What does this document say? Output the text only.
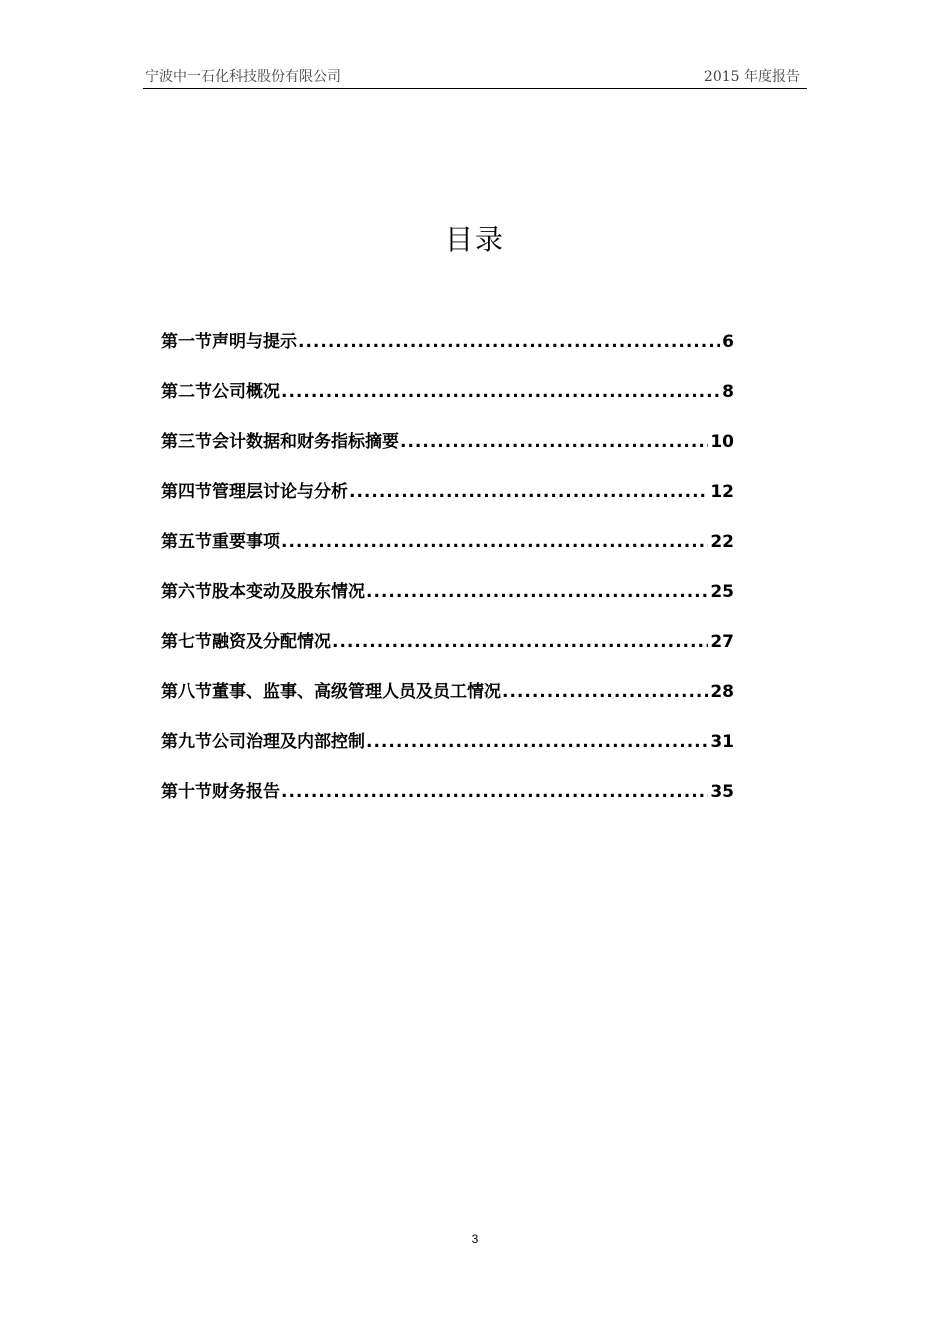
宁波中一石化科技股份有限公司	2015 年度报告
目录
第一节声明与提示 .....	6
第二节公司概况 .....	8
第三节会计数据和财务指标摘要 .....	10
第四节管理层讨论与分析 .....	12
第五节重要事项 .....	22
第六节股本变动及股东情况 .....	25
第七节融资及分配情况 .....	27
第八节董事、监事、高级管理人员及员工情况 .....	28
第九节公司治理及内部控制 .....	31
第十节财务报告 .....	35
3
